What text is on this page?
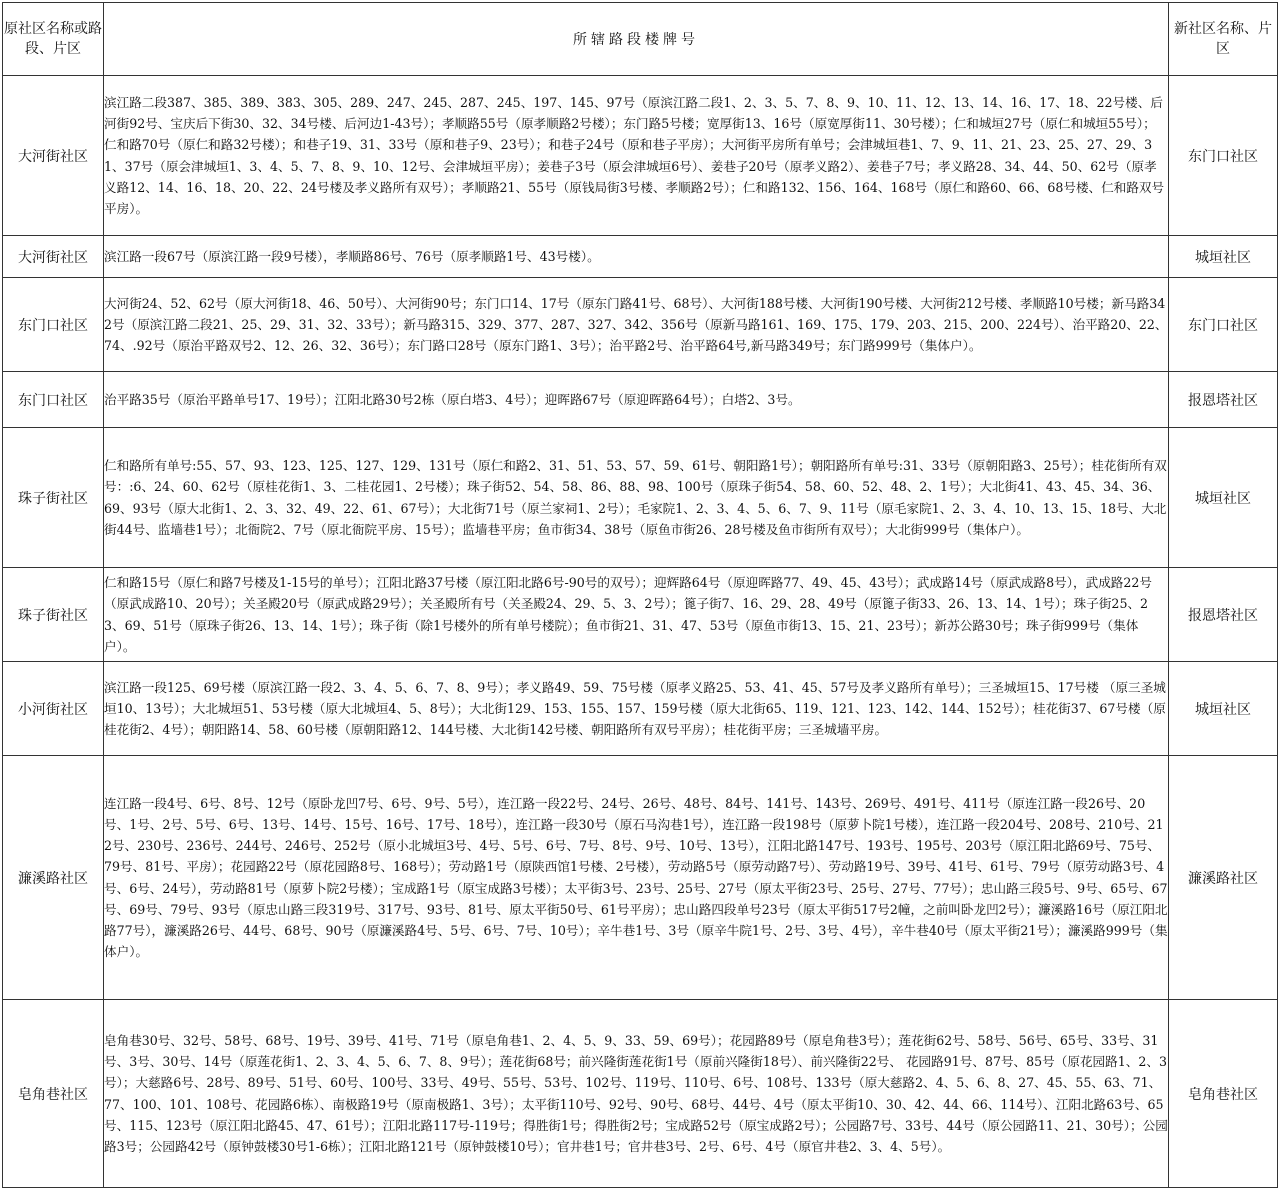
原社区名称或路段、片区	所辖路段楼牌号	新社区名称、片区
大河街社区	滨江路二段387、385、389、383、305、289、247、245、287、245、197、145、97号（原滨江路二段1、2、3、5、7、8、9、10、11、12、13、14、16、17、18、22号楼、后河街92号、宝庆后下街30、32、34号楼、后河边1-43号）；孝顺路55号（原孝顺路2号楼）；东门路5号楼；宽厚街13、16号（原宽厚街11、30号楼）；仁和城垣27号（原仁和城垣55号）；仁和路70号（原仁和路32号楼）；和巷子19、31、33号（原和巷子9、23号）；和巷子24号（原和巷子平房）；大河街平房所有单号；会津城垣巷1、7、9、11、21、23、25、27、29、31、37号（原会津城垣1、3、4、5、7、8、9、10、12号、会津城垣平房）；姜巷子3号（原会津城垣6号）、姜巷子20号（原孝义路2）、姜巷子7号；孝义路28、34、44、50、62号（原孝义路12、14、16、18、20、22、24号楼及孝义路所有双号）；孝顺路21、55号（原钱局街3号楼、孝顺路2号）；仁和路132、156、164、168号（原仁和路60、66、68号楼、仁和路双号平房）。	东门口社区
大河街社区	滨江路一段67号（原滨江路一段9号楼），孝顺路86号、76号（原孝顺路1号、43号楼）。	城垣社区
东门口社区	大河街24、52、62号（原大河街18、46、50号）、大河街90号；东门口14、17号（原东门路41号、68号）、大河街188号楼、大河街190号楼、大河街212号楼、孝顺路10号楼；新马路342号（原滨江路二段21、25、29、31、32、33号）；新马路315、329、377、287、327、342、356号（原新马路161、169、175、179、203、215、200、224号）、治平路20、22、74、.92号（原治平路双号2、12、26、32、36号）；东门路口28号（原东门路1、3号）；治平路2号、治平路64号,新马路349号；东门路999号（集体户）。	东门口社区
东门口社区	治平路35号（原治平路单号17、19号）；江阳北路30号2栋（原白塔3、4号）；迎晖路67号（原迎晖路64号）；白塔2、3号。	报恩塔社区
珠子街社区	仁和路所有单号:55、57、93、123、125、127、129、131号（原仁和路2、31、51、53、57、59、61号、朝阳路1号）；朝阳路所有单号:31、33号（原朝阳路3、25号）；桂花街所有双号：:6、24、60、62号（原桂花街1、3、二桂花园1、2号楼）；珠子街52、54、58、86、88、98、100号（原珠子街54、58、60、52、48、2、1号）；大北街41、43、45、34、36、69、93号（原大北街1、2、3、32、49、22、61、67号）；大北街71号（原兰家祠1、2号）；毛家院1、2、3、4、5、6、7、9、11号（原毛家院1、2、3、4、10、13、15、18号、大北街44号、监墙巷1号）；北衙院2、7号（原北衙院平房、15号）；监墙巷平房；鱼市街34、38号（原鱼市街26、28号楼及鱼市街所有双号）；大北街999号（集体户）。	城垣社区
珠子街社区	仁和路15号（原仁和路7号楼及1-15号的单号）；江阳北路37号楼（原江阳北路6号-90号的双号）；迎辉路64号（原迎晖路77、49、45、43号）；武成路14号（原武成路8号），武成路22号（原武成路10、20号）；关圣殿20号（原武成路29号）；关圣殿所有号（关圣殿24、29、5、3、2号）；篦子街7、16、29、28、49号（原篦子街33、26、13、14、1号）；珠子街25、23、69、51号（原珠子街26、13、14、1号）；珠子街（除1号楼外的所有单号楼院）；鱼市街21、31、47、53号（原鱼市街13、15、21、23号）；新苏公路30号；珠子街999号（集体户）。	报恩塔社区
小河街社区	滨江路一段125、69号楼（原滨江路一段2、3、4、5、6、7、8、9号）；孝义路49、59、75号楼（原孝义路25、53、41、45、57号及孝义路所有单号）；三圣城垣15、17号楼 （原三圣城垣10、13号）；大北城垣51、53号楼（原大北城垣4、5、8号）；大北街129、153、155、157、159号楼（原大北街65、119、121、123、142、144、152号）；桂花街37、67号楼（原桂花街2、4号）；朝阳路14、58、60号楼（原朝阳路12、144号楼、大北街142号楼、朝阳路所有双号平房）；桂花街平房；三圣城墙平房。	城垣社区
濂溪路社区	连江路一段4号、6号、8号、12号（原卧龙凹7号、6号、9号、5号），连江路一段22号、24号、26号、48号、84号、141号、143号、269号、491号、411号（原连江路一段26号、20号、1号、2号、5号、6号、13号、14号、15号、16号、17号、18号），连江路一段30号（原石马沟巷1号），连江路一段198号（原萝卜院1号楼），连江路一段204号、208号、210号、212号、230号、236号、244号、246号、252号（原小北城垣3号、4号、5号、6号、7号、8号、9号、10号、13号），江阳北路147号、193号、195号、203号（原江阳北路69号、75号、79号、81号、平房）；花园路22号（原花园路8号、168号）；劳动路1号（原陕西馆1号楼、2号楼），劳动路5号（原劳动路7号）、劳动路19号、39号、41号、61号、79号（原劳动路3号、4号、6号、24号），劳动路81号（原萝卜院2号楼）；宝成路1号（原宝成路3号楼）；太平街3号、23号、25号、27号（原太平街23号、25号、27号、77号）；忠山路三段5号、9号、65号、67号、69号、79号、93号（原忠山路三段319号、317号、93号、81号、原太平街50号、61号平房）；忠山路四段单号23号（原太平街517号2幢，之前叫卧龙凹2号）；濂溪路16号（原江阳北路77号），濂溪路26号、44号、68号、90号（原濂溪路4号、5号、6号、7号、10号）；辛牛巷1号、3号（原辛牛院1号、2号、3号、4号），辛牛巷40号（原太平街21号）；濂溪路999号（集体户）。	濂溪路社区
皂角巷社区	皂角巷30号、32号、58号、68号、19号、39号、41号、71号（原皂角巷1、2、4、5、9、33、59、69号）；花园路89号（原皂角巷3号）；莲花街62号、58号、56号、65号、33号、31号、3号、30号、14号（原莲花街1、2、3、4、5、6、7、8、9号）；莲花街68号；前兴隆街莲花街1号（原前兴隆街18号）、前兴隆街22号、 花园路91号、87号、85号（原花园路1、2、3号）；大慈路6号、28号、89号、51号、60号、100号、33号、49号、55号、53号、102号、119号、110号、6号、108号、133号（原大慈路2、4、5、6、8、27、45、55、63、71、77、100、101、108号、花园路6栋）、南极路19号（原南极路1、3号）；太平街110号、92号、90号、68号、44号、4号（原太平街10、30、42、44、66、114号）、江阳北路63号、65号、115、123号（原江阳北路45、47、61号）；江阳北路117号-119号；得胜街1号；得胜街2号；宝成路52号（原宝成路2号）；公园路7号、33号、44号（原公园路11、21、30号）；公园路3号；公园路42号（原钟鼓楼30号1-6栋）；江阳北路121号（原钟鼓楼10号）；官井巷1号；官井巷3号、2号、6号、4号（原官井巷2、3、4、5号）。	皂角巷社区
